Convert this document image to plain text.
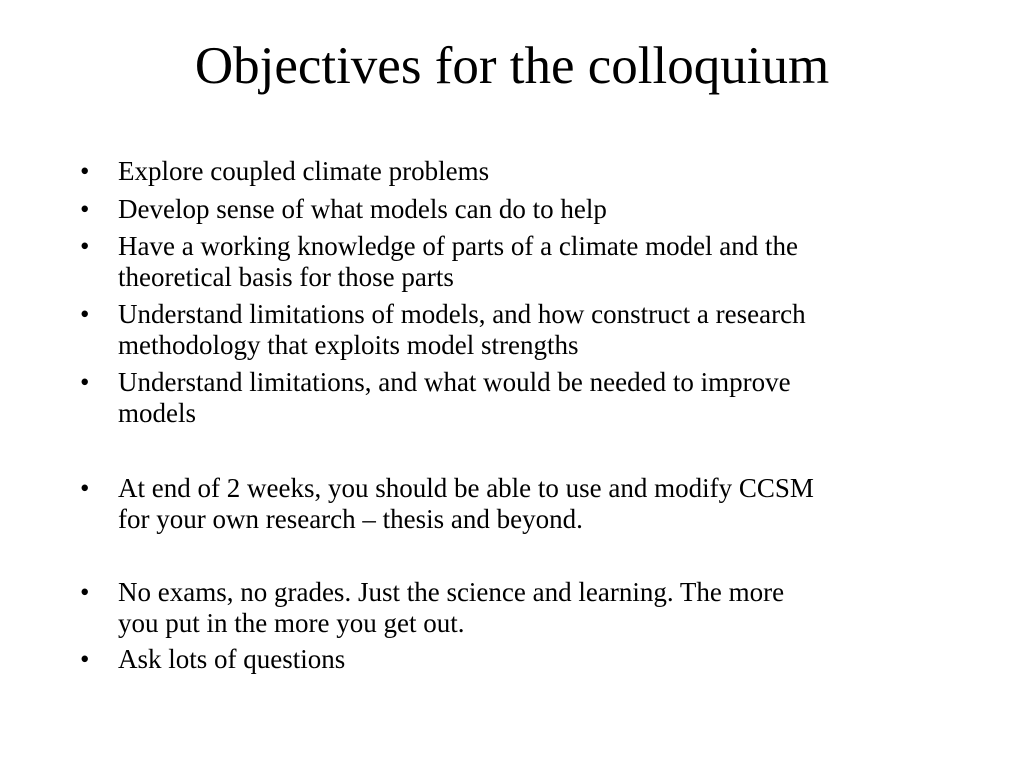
Objectives for the colloquium
•	Explore coupled climate problems
•	Develop sense of what models can do to help
•	Have a working knowledge of parts of a climate model and the
theoretical basis for those parts
•	Understand limitations of models, and how construct a research
methodology that exploits model strengths
•	Understand limitations, and what would be needed to improve
models
•	At end of 2 weeks, you should be able to use and modify CCSM
for your own research – thesis and beyond.
•	No exams, no grades. Just the science and learning. The more
you put in the more you get out.
•	Ask lots of questions
